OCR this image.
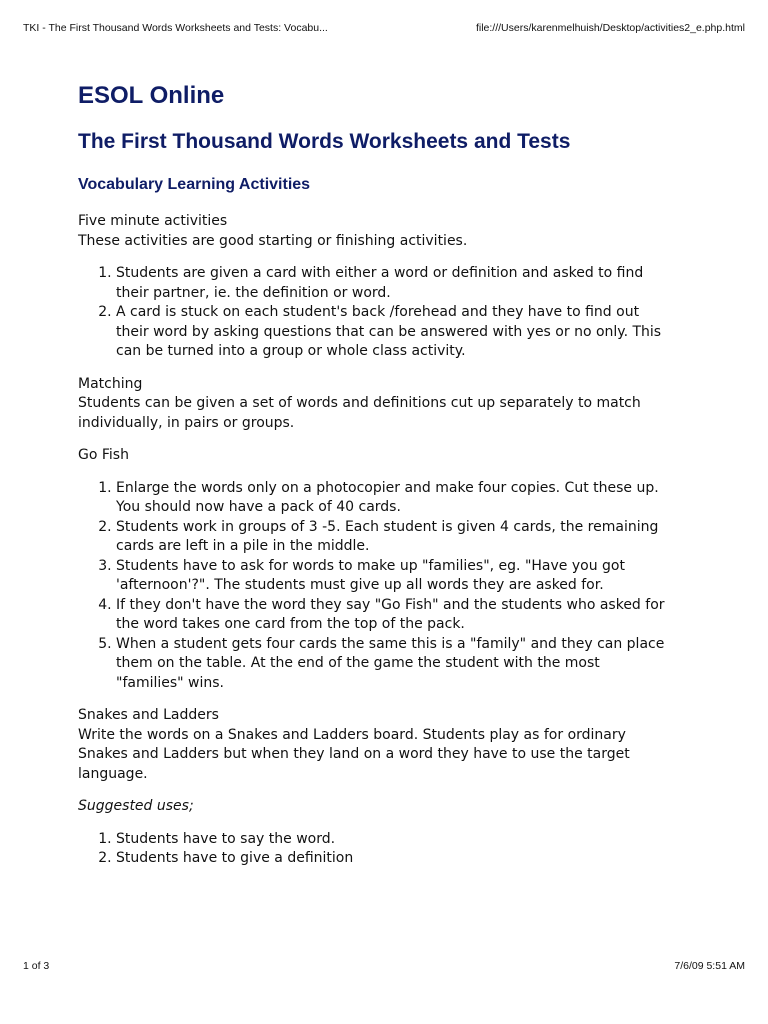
TKI - The First Thousand Words Worksheets and Tests: Vocabu...	file:///Users/karenmelhuish/Desktop/activities2_e.php.html
ESOL Online
The First Thousand Words Worksheets and Tests
Vocabulary Learning Activities
Five minute activities

These activities are good starting or finishing activities.

1. Students are given a card with either a word or definition and asked to find their partner, ie. the definition or word.
2. A card is stuck on each student's back /forehead and they have to find out their word by asking questions that can be answered with yes or no only. This can be turned into a group or whole class activity.
Matching

Students can be given a set of words and definitions cut up separately to match individually, in pairs or groups.

Go Fish
1. Enlarge the words only on a photocopier and make four copies. Cut these up. You should now have a pack of 40 cards.
2. Students work in groups of 3 -5. Each student is given 4 cards, the remaining cards are left in a pile in the middle.
3. Students have to ask for words to make up "families", eg. "Have you got 'afternoon'?". The students must give up all words they are asked for.
4. If they don't have the word they say "Go Fish" and the students who asked for the word takes one card from the top of the pack.
5. When a student gets four cards the same this is a "family" and they can place them on the table. At the end of the game the student with the most "families" wins.
Snakes and Ladders

Write the words on a Snakes and Ladders board. Students play as for ordinary Snakes and Ladders but when they land on a word they have to use the target language.

Suggested uses;

1. Students have to say the word.
2. Students have to give a definition
1 of 3	7/6/09 5:51 AM
